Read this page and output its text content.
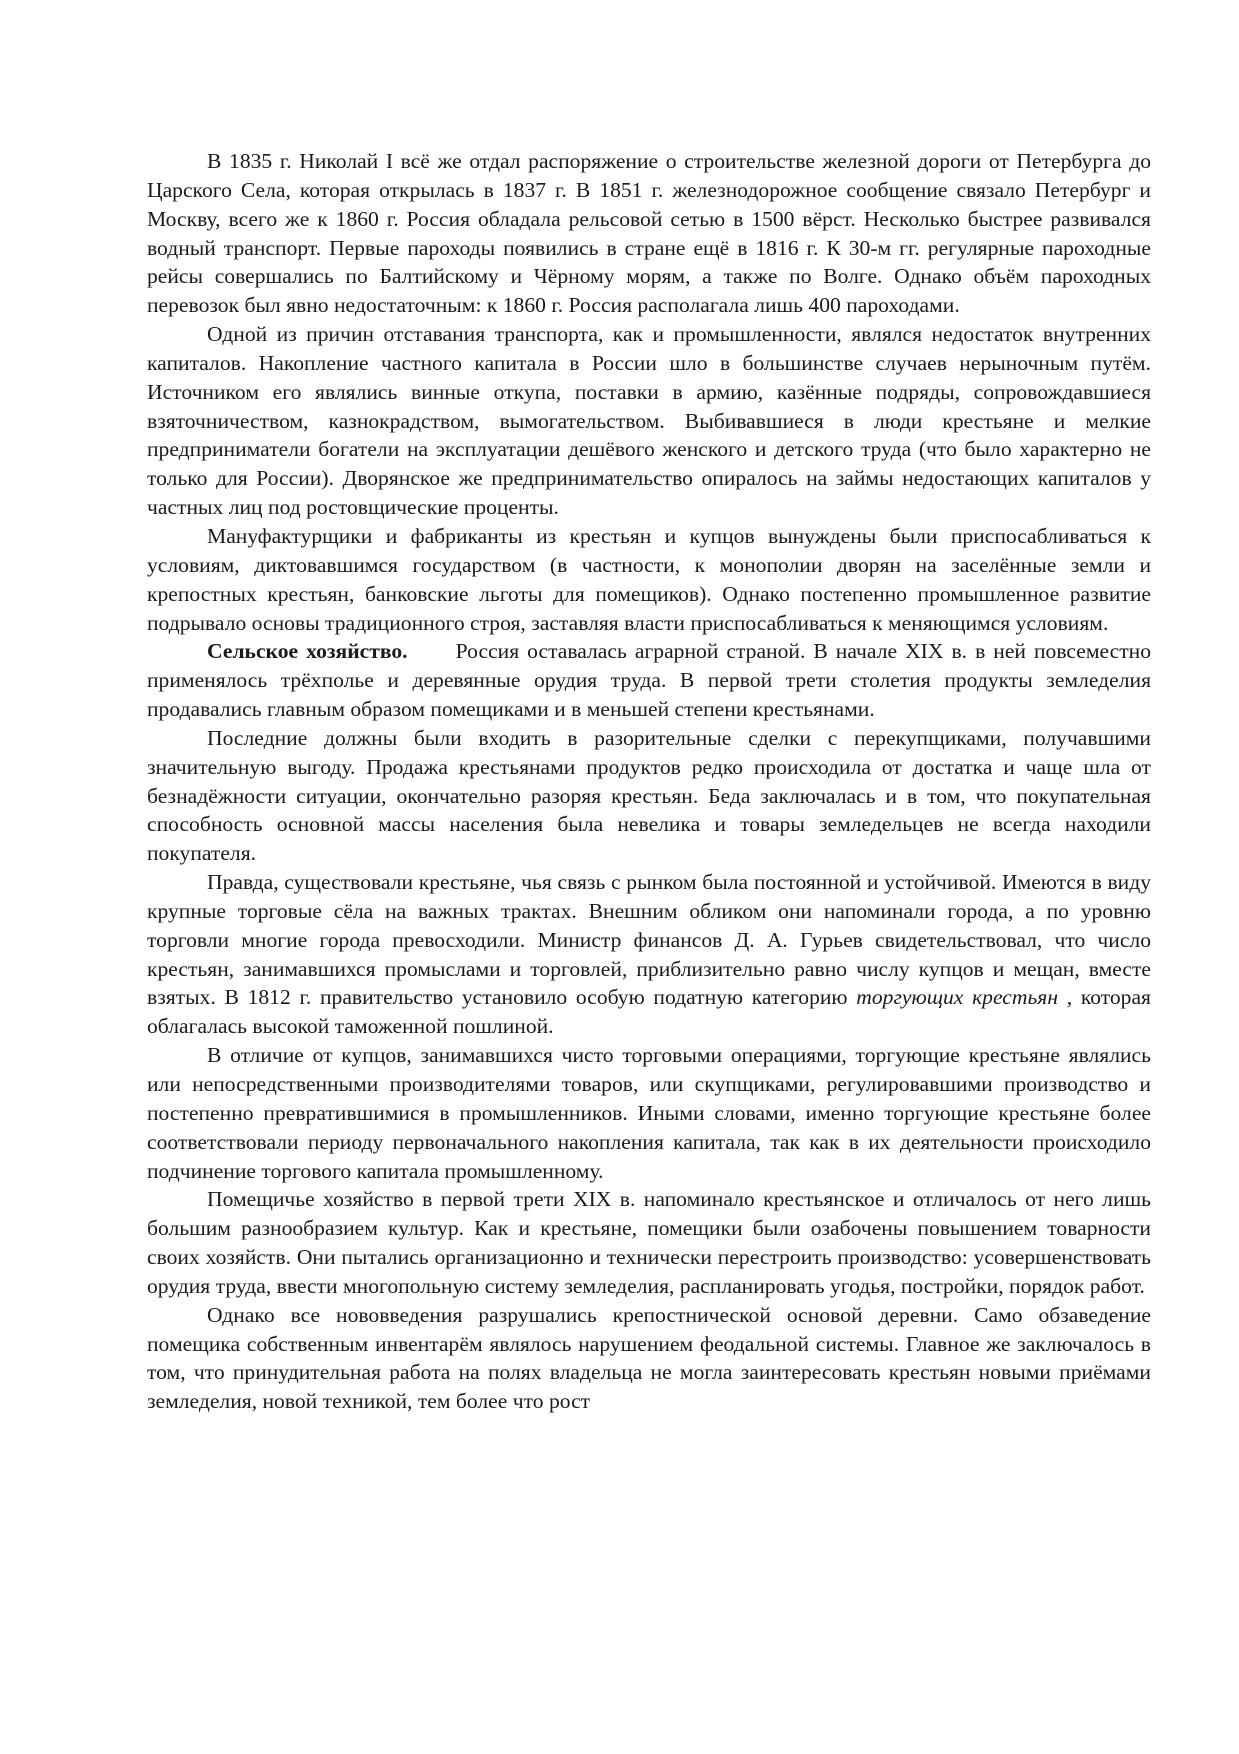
В 1835 г. Николай I всё же отдал распоряжение о строительстве железной дороги от Петербурга до Царского Села, которая открылась в 1837 г. В 1851 г. железнодорожное сообщение связало Петербург и Москву, всего же к 1860 г. Россия обладала рельсовой сетью в 1500 вёрст. Несколько быстрее развивался водный транспорт. Первые пароходы появились в стране ещё в 1816 г. К 30-м гг. регулярные пароходные рейсы совершались по Балтийскому и Чёрному морям, а также по Волге. Однако объём пароходных перевозок был явно недостаточным: к 1860 г. Россия располагала лишь 400 пароходами.

Одной из причин отставания транспорта, как и промышленности, являлся недостаток внутренних капиталов. Накопление частного капитала в России шло в большинстве случаев нерыночным путём. Источником его являлись винные откупа, поставки в армию, казённые подряды, сопровождавшиеся взяточничеством, казнокрадством, вымогательством. Выбивавшиеся в люди крестьяне и мелкие предприниматели богатели на эксплуатации дешёвого женского и детского труда (что было характерно не только для России). Дворянское же предпринимательство опиралось на займы недостающих капиталов у частных лиц под ростовщические проценты.

Мануфактурщики и фабриканты из крестьян и купцов вынуждены были приспосабливаться к условиям, диктовавшимся государством (в частности, к монополии дворян на заселённые земли и крепостных крестьян, банковские льготы для помещиков). Однако постепенно промышленное развитие подрывало основы традиционного строя, заставляя власти приспосабливаться к меняющимся условиям.

Сельское хозяйство. Россия оставалась аграрной страной. В начале XIX в. в ней повсеместно применялось трёхполье и деревянные орудия труда. В первой трети столетия продукты земледелия продавались главным образом помещиками и в меньшей степени крестьянами.

Последние должны были входить в разорительные сделки с перекупщиками, получавшими значительную выгоду. Продажа крестьянами продуктов редко происходила от достатка и чаще шла от безнадёжности ситуации, окончательно разоряя крестьян. Беда заключалась и в том, что покупательная способность основной массы населения была невелика и товары земледельцев не всегда находили покупателя.

Правда, существовали крестьяне, чья связь с рынком была постоянной и устойчивой. Имеются в виду крупные торговые сёла на важных трактах. Внешним обликом они напоминали города, а по уровню торговли многие города превосходили. Министр финансов Д. А. Гурьев свидетельствовал, что число крестьян, занимавшихся промыслами и торговлей, приблизительно равно числу купцов и мещан, вместе взятых. В 1812 г. правительство установило особую податную категорию торгующих крестьян , которая облагалась высокой таможенной пошлиной.

В отличие от купцов, занимавшихся чисто торговыми операциями, торгующие крестьяне являлись или непосредственными производителями товаров, или скупщиками, регулировавшими производство и постепенно превратившимися в промышленников. Иными словами, именно торгующие крестьяне более соответствовали периоду первоначального накопления капитала, так как в их деятельности происходило подчинение торгового капитала промышленному.

Помещичье хозяйство в первой трети XIX в. напоминало крестьянское и отличалось от него лишь большим разнообразием культур. Как и крестьяне, помещики были озабочены повышением товарности своих хозяйств. Они пытались организационно и технически перестроить производство: усовершенствовать орудия труда, ввести многопольную систему земледелия, распланировать угодья, постройки, порядок работ.

Однако все нововведения разрушались крепостнической основой деревни. Само обзаведение помещика собственным инвентарём являлось нарушением феодальной системы. Главное же заключалось в том, что принудительная работа на полях владельца не могла заинтересовать крестьян новыми приёмами земледелия, новой техникой, тем более что рост
